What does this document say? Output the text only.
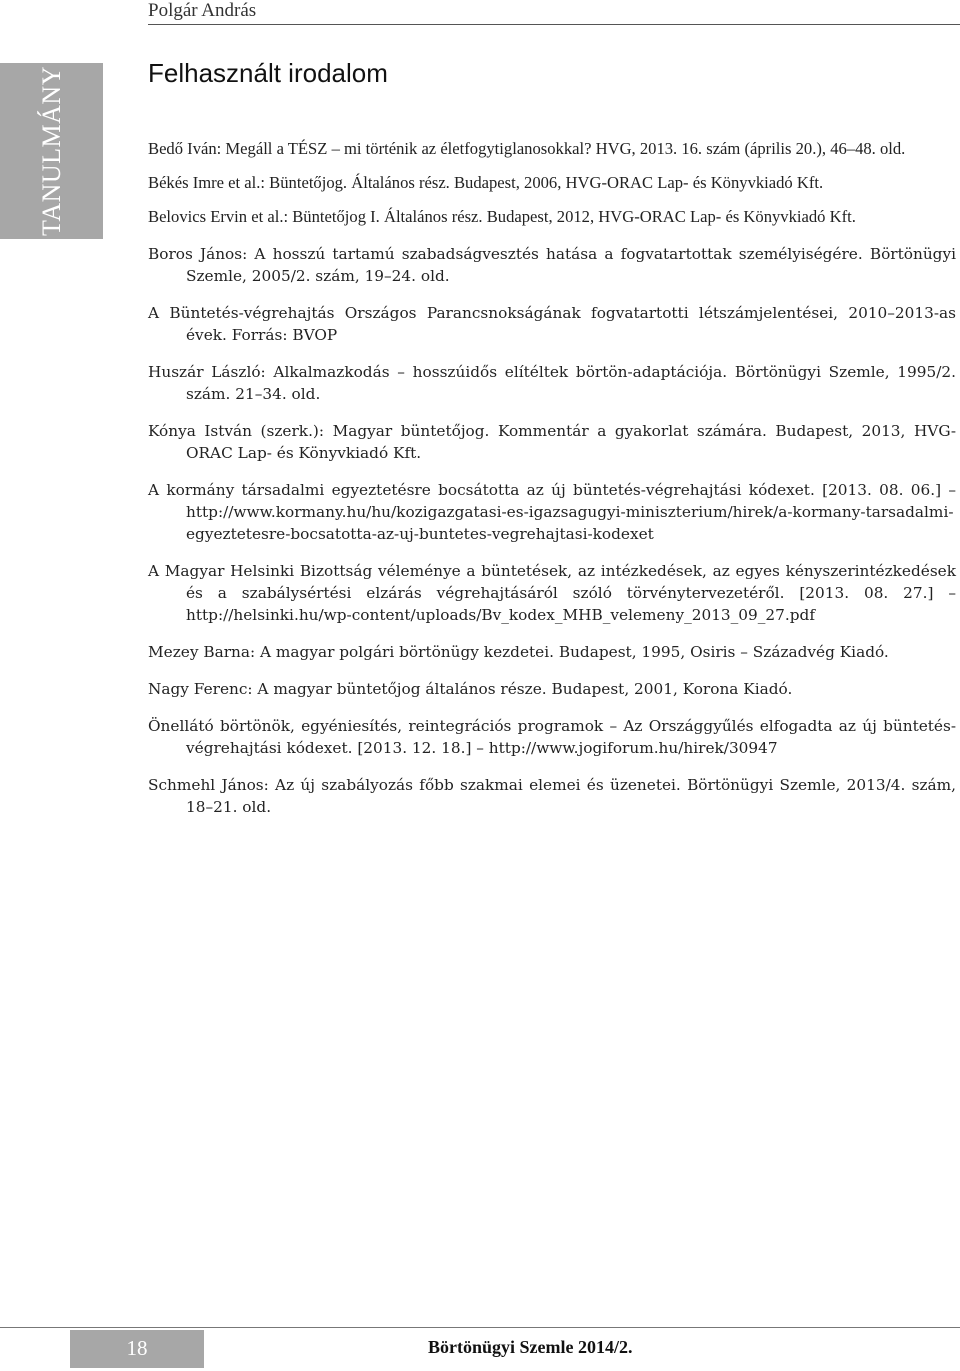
Polgár András
TANULMÁNY	Felhasznált irodalom

Bedő Iván: Megáll a TÉSZ – mi történik az életfogytiglanosokkal? HVG, 2013. 16. szám (április 20.), 46–48. old.

Békés Imre et al.: Büntetőjog. Általános rész. Budapest, 2006, HVG-ORAC Lap- és Könyvkiadó Kft.

Belovics Ervin et al.: Büntetőjog I. Általános rész. Budapest, 2012, HVG-ORAC Lap- és Könyvkiadó Kft.

Boros János: A hosszú tartamú szabadságvesztés hatása a fogvatartottak személyiségére. Börtönügyi Szemle, 2005/2. szám, 19–24. old.

A Büntetés-végrehajtás Országos Parancsnokságának fogvatartotti létszámjelentései, 2010–2013-as évek. Forrás: BVOP

Huszár László: Alkalmazkodás – hosszúidős elítéltek börtön-adaptációja. Börtönügyi Szemle, 1995/2. szám. 21–34. old.

Kónya István (szerk.): Magyar büntetőjog. Kommentár a gyakorlat számára. Budapest, 2013, HVG-ORAC Lap- és Könyvkiadó Kft.

A kormány társadalmi egyeztetésre bocsátotta az új büntetés-végrehajtási kódexet. [2013. 08. 06.] – http://www.kormany.hu/hu/kozigazgatasi-es-igazsagugyi-miniszterium/hirek/a-kormany-tarsadalmi-egyeztetesre-bocsatotta-az-uj-buntetes-vegrehajtasi-kodexet

A Magyar Helsinki Bizottság véleménye a büntetések, az intézkedések, az egyes kényszerintézkedések és a szabálysértési elzárás végrehajtásáról szóló törvénytervezetéről. [2013. 08. 27.] – http://helsinki.hu/wp-content/uploads/Bv_kodex_MHB_velemeny_2013_09_27.pdf

Mezey Barna: A magyar polgári börtönügy kezdetei. Budapest, 1995, Osiris – Századvég Kiadó.

Nagy Ferenc: A magyar büntetőjog általános része. Budapest, 2001, Korona Kiadó.

Önellátó börtönök, egyéniesítés, reintegrációs programok – Az Országgyűlés elfogadta az új büntetés-végrehajtási kódexet. [2013. 12. 18.] – http://www.jogiforum.hu/hirek/30947

Schmehl János: Az új szabályozás főbb szakmai elemei és üzenetei. Börtönügyi Szemle, 2013/4. szám, 18–21. old.

18	Börtönügyi Szemle 2014/2.
